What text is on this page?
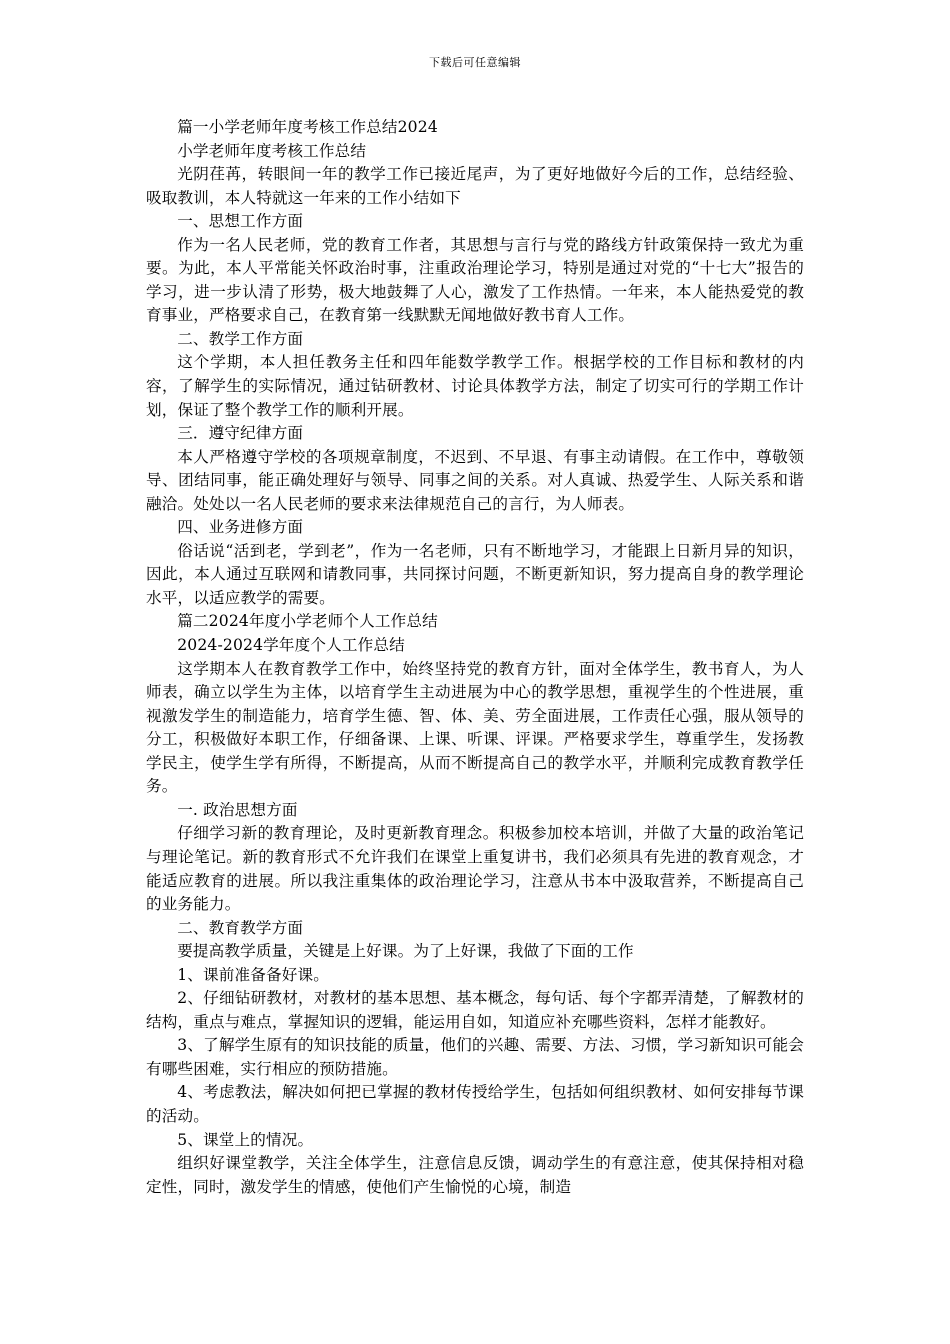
下载后可任意编辑

篇一小学老师年度考核工作总结2024

小学老师年度考核工作总结

光阴荏苒，转眼间一年的教学工作已接近尾声，为了更好地做好今后的工作，总结经验、吸取教训，本人特就这一年来的工作小结如下

一、思想工作方面

作为一名人民老师，党的教育工作者，其思想与言行与党的路线方针政策保持一致尤为重要。为此，本人平常能关怀政治时事，注重政治理论学习，特别是通过对党的“十七大”报告的学习，进一步认清了形势，极大地鼓舞了人心，激发了工作热情。一年来，本人能热爱党的教育事业，严格要求自己，在教育第一线默默无闻地做好教书育人工作。

二、教学工作方面

这个学期，本人担任教务主任和四年能数学教学工作。根据学校的工作目标和教材的内容，了解学生的实际情况，通过钻研教材、讨论具体教学方法，制定了切实可行的学期工作计划，保证了整个教学工作的顺利开展。

三．遵守纪律方面

本人严格遵守学校的各项规章制度，不迟到、不早退、有事主动请假。在工作中，尊敬领导、团结同事，能正确处理好与领导、同事之间的关系。对人真诚、热爱学生、人际关系和谐融洽。处处以一名人民老师的要求来法律规范自己的言行，为人师表。

四、业务进修方面

俗话说“活到老，学到老”，作为一名老师，只有不断地学习，才能跟上日新月异的知识，因此，本人通过互联网和请教同事，共同探讨问题，不断更新知识，努力提高自身的教学理论水平，以适应教学的需要。

篇二2024年度小学老师个人工作总结

2024-2024学年度个人工作总结

这学期本人在教育教学工作中，始终坚持党的教育方针，面对全体学生，教书育人，为人师表，确立以学生为主体，以培育学生主动进展为中心的教学思想，重视学生的个性进展，重视激发学生的制造能力，培育学生德、智、体、美、劳全面进展，工作责任心强，服从领导的分工，积极做好本职工作，仔细备课、上课、听课、评课。严格要求学生，尊重学生，发扬教学民主，使学生学有所得，不断提高，从而不断提高自己的教学水平，并顺利完成教育教学任务。

一. 政治思想方面

仔细学习新的教育理论，及时更新教育理念。积极参加校本培训，并做了大量的政治笔记与理论笔记。新的教育形式不允许我们在课堂上重复讲书，我们必须具有先进的教育观念，才能适应教育的进展。所以我注重集体的政治理论学习，注意从书本中汲取营养，不断提高自己的业务能力。

二、教育教学方面

要提高教学质量，关键是上好课。为了上好课，我做了下面的工作

1、课前准备备好课。

2、仔细钻研教材，对教材的基本思想、基本概念，每句话、每个字都弄清楚，了解教材的结构，重点与难点，掌握知识的逻辑，能运用自如，知道应补充哪些资料，怎样才能教好。

3、了解学生原有的知识技能的质量，他们的兴趣、需要、方法、习惯，学习新知识可能会有哪些困难，实行相应的预防措施。

4、考虑教法，解决如何把已掌握的教材传授给学生，包括如何组织教材、如何安排每节课的活动。

5、课堂上的情况。

组织好课堂教学，关注全体学生，注意信息反馈，调动学生的有意注意，使其保持相对稳定性，同时，激发学生的情感，使他们产生愉悦的心境，制造
